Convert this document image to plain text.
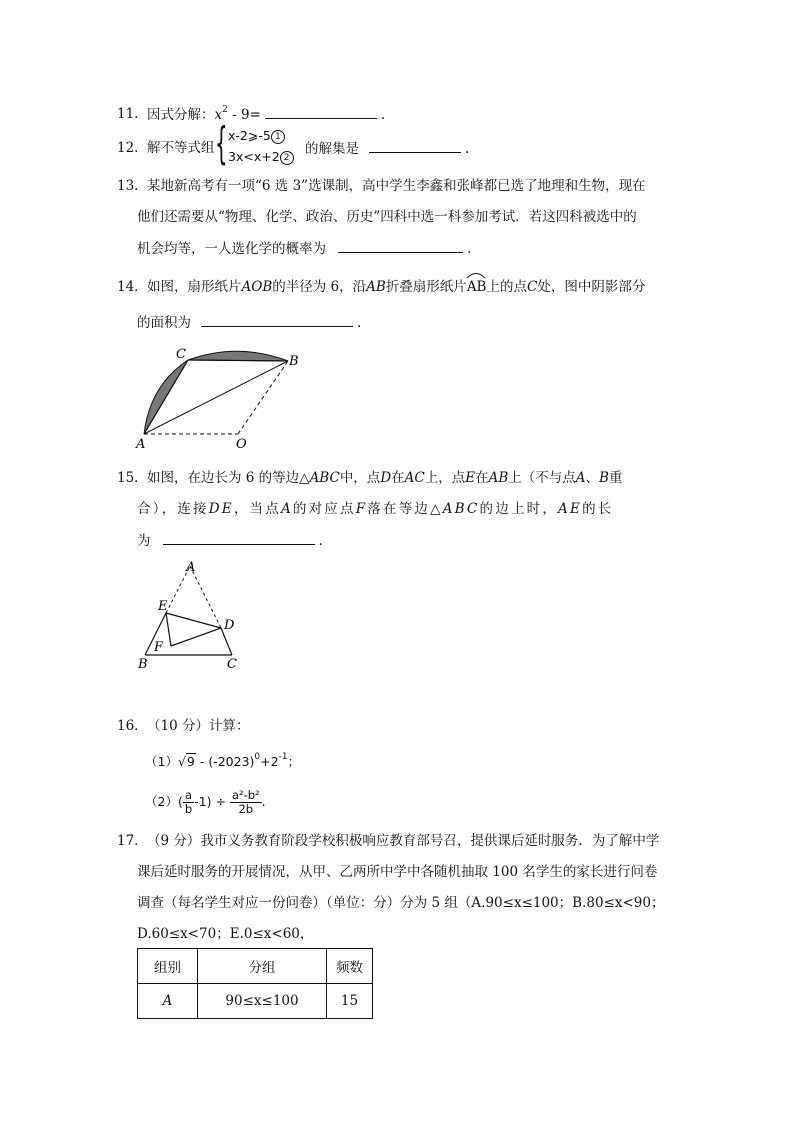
11． 因式分解：$x^2 - 9=$	.
12． 解不等式组 { x-2⩾-5 1
3x<x+2 2
的解集是	.
13． 某地新高考有一项“6 选 3”选课制，高中学生李鑫和张峰都已选了地理和生物，现在
他们还需要从“物理、化学、政治、历史”四科中选一科参加考试．若这四科被选中的
机会均等，一人选化学的概率为	.
14． 如图，扇形纸片AOB的半径为 6，沿AB折叠扇形纸片
AB上的点C处，图中阴影部分
的面积为	.
A
B
C
O
15． 如图，在边长为 6 的等边△ABC中，点D在AC上，点E在AB上（不与点A、B重
合），连接DE，当点A的对应点F落在等边△ABC的边上时，AE的长
为	.
A
B	C
D
E
F
16． （10 分）计算：
$(1)√9 - (-2023)^0+2^{-1}$；
$(2)( \frac{a}{b} -1) \div \frac{\text{a²-b²}}{2b}$ .
17． （9 分）我市义务教育阶段学校积极响应教育部号召，提供课后延时服务．为了解中学
课后延时服务的开展情况，从甲、乙两所中学中各随机抽取 100 名学生的家长进行问卷
调查（每名学生对应一份问卷）（单位：分）分为 5 组（A.90≤x≤100；B.80≤x<90；
D.60≤x<70；E.0≤x<60，
组别	分组	频数
A	90≤x≤100	15
